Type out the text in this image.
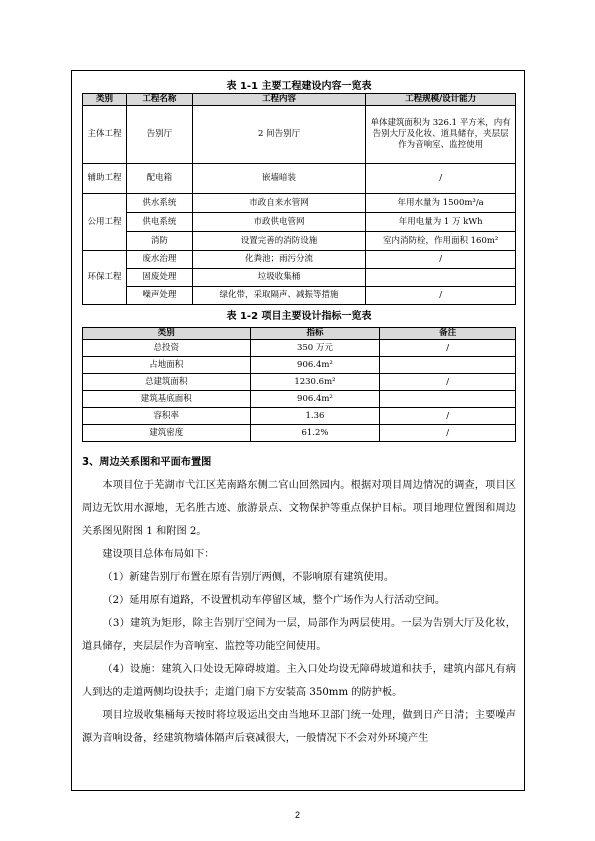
表 1-1 主要工程建设内容一览表
类别	工程名称	工程内容	工程规模/设计能力
主体工程	告别厅	2 间告别厅	单体建筑面积为 326.1 平方米，内有告别大厅及化妆、道具储存，夹层层作为音响室、监控使用
辅助工程	配电箱	嵌墙暗装	/
公用工程	供水系统	市政自来水管网	年用水量为 1500m³/a
	供电系统	市政供电管网	年用电量为 1 万 kWh
	消防	设置完善的消防设施	室内消防栓，作用面积 160m²
环保工程	废水治理	化粪池；雨污分流	/
	固废处理	垃圾收集桶	
	噪声处理	绿化带，采取隔声、减振等措施	/
表 1-2 项目主要设计指标一览表
类别	指标	备注
总投资	350 万元	/
占地面积	906.4m²	
总建筑面积	1230.6m²	/
建筑基底面积	906.4m²	
容积率	1.36	/
建筑密度	61.2%	/
3、周边关系图和平面布置图

本项目位于芜湖市弋江区芜南路东侧二官山回然园内。根据对项目周边情况的调查，项目区周边无饮用水源地，无名胜古迹、旅游景点、文物保护等重点保护目标。项目地理位置图和周边关系图见附图 1 和附图 2。

建设项目总体布局如下：

（1）新建告别厅布置在原有告别厅两侧，不影响原有建筑使用。

（2）延用原有道路，不设置机动车停留区域，整个广场作为人行活动空间。

（3）建筑为矩形，除主告别厅空间为一层，局部作为两层使用。一层为告别大厅及化妆，道具储存，夹层层作为音响室、监控等功能空间使用。

（4）设施：建筑入口处设无障碍坡道。主入口处均设无障碍坡道和扶手，建筑内部凡有病人到达的走道两侧均设扶手；走道门扇下方安装高 350mm 的防护板。

项目垃圾收集桶每天按时将垃圾运出交由当地环卫部门统一处理，做到日产日清；主要噪声源为音响设备，经建筑物墙体隔声后衰减很大，一般情况下不会对外环境产生

2
